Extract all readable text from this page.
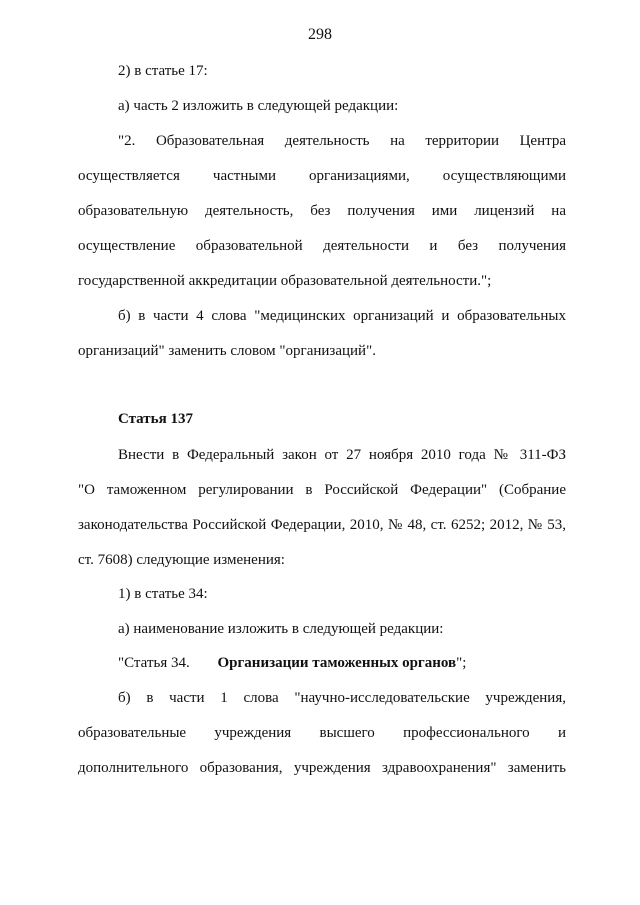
298
2) в статье 17:
а) часть 2 изложить в следующей редакции:
"2. Образовательная деятельность на территории Центра
осуществляется частными организациями, осуществляющими
образовательную деятельность, без получения ими лицензий на
осуществление образовательной деятельности и без получения
государственной аккредитации образовательной деятельности.";
б) в части 4 слова "медицинских организаций и образовательных
организаций" заменить словом "организаций".
Статья 137
Внести в Федеральный закон от 27 ноября 2010 года № 311-ФЗ
"О таможенном регулировании в Российской Федерации" (Собрание
законодательства Российской Федерации, 2010, № 48, ст. 6252; 2012, № 53,
ст. 7608) следующие изменения:
1) в статье 34:
а) наименование изложить в следующей редакции:
"Статья 34. Организации таможенных органов";
б) в части 1 слова "научно-исследовательские учреждения,
образовательные учреждения высшего профессионального и
дополнительного образования, учреждения здравоохранения" заменить
